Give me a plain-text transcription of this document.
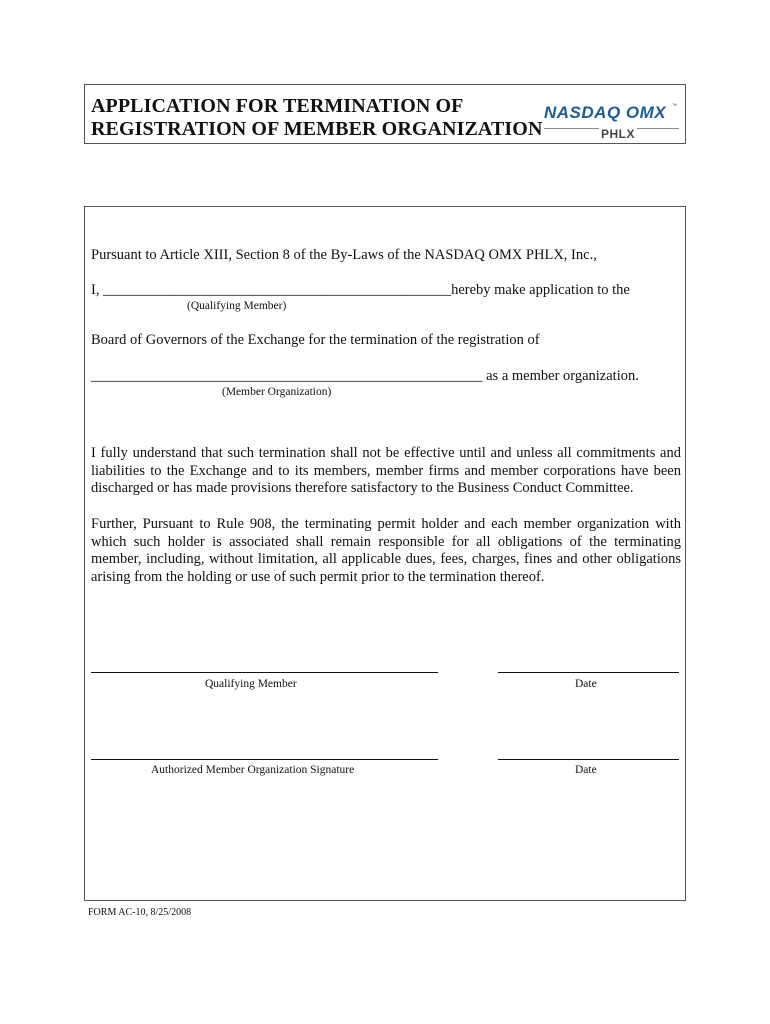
APPLICATION FOR TERMINATION OF
REGISTRATION OF MEMBER ORGANIZATION
NASDAQ OMX ™
PHLX
Pursuant to Article XIII, Section 8 of the By-Laws of the NASDAQ OMX PHLX, Inc.,
I, ________________________________________________hereby make application to the
(Qualifying Member)
Board of Governors of the Exchange for the termination of the registration of
______________________________________________________ as a member organization.
(Member Organization)
I fully understand that such termination shall not be effective until and unless all commitments and liabilities to the Exchange and to its members, member firms and member corporations have been discharged or has made provisions therefore satisfactory to the Business Conduct Committee.
Further, Pursuant to Rule 908, the terminating permit holder and each member organization with which such holder is associated shall remain responsible for all obligations of the terminating member, including, without limitation, all applicable dues, fees, charges, fines and other obligations arising from the holding or use of such permit prior to the termination thereof.
Qualifying Member	Date
Authorized Member Organization Signature	Date
FORM AC-10, 8/25/2008
